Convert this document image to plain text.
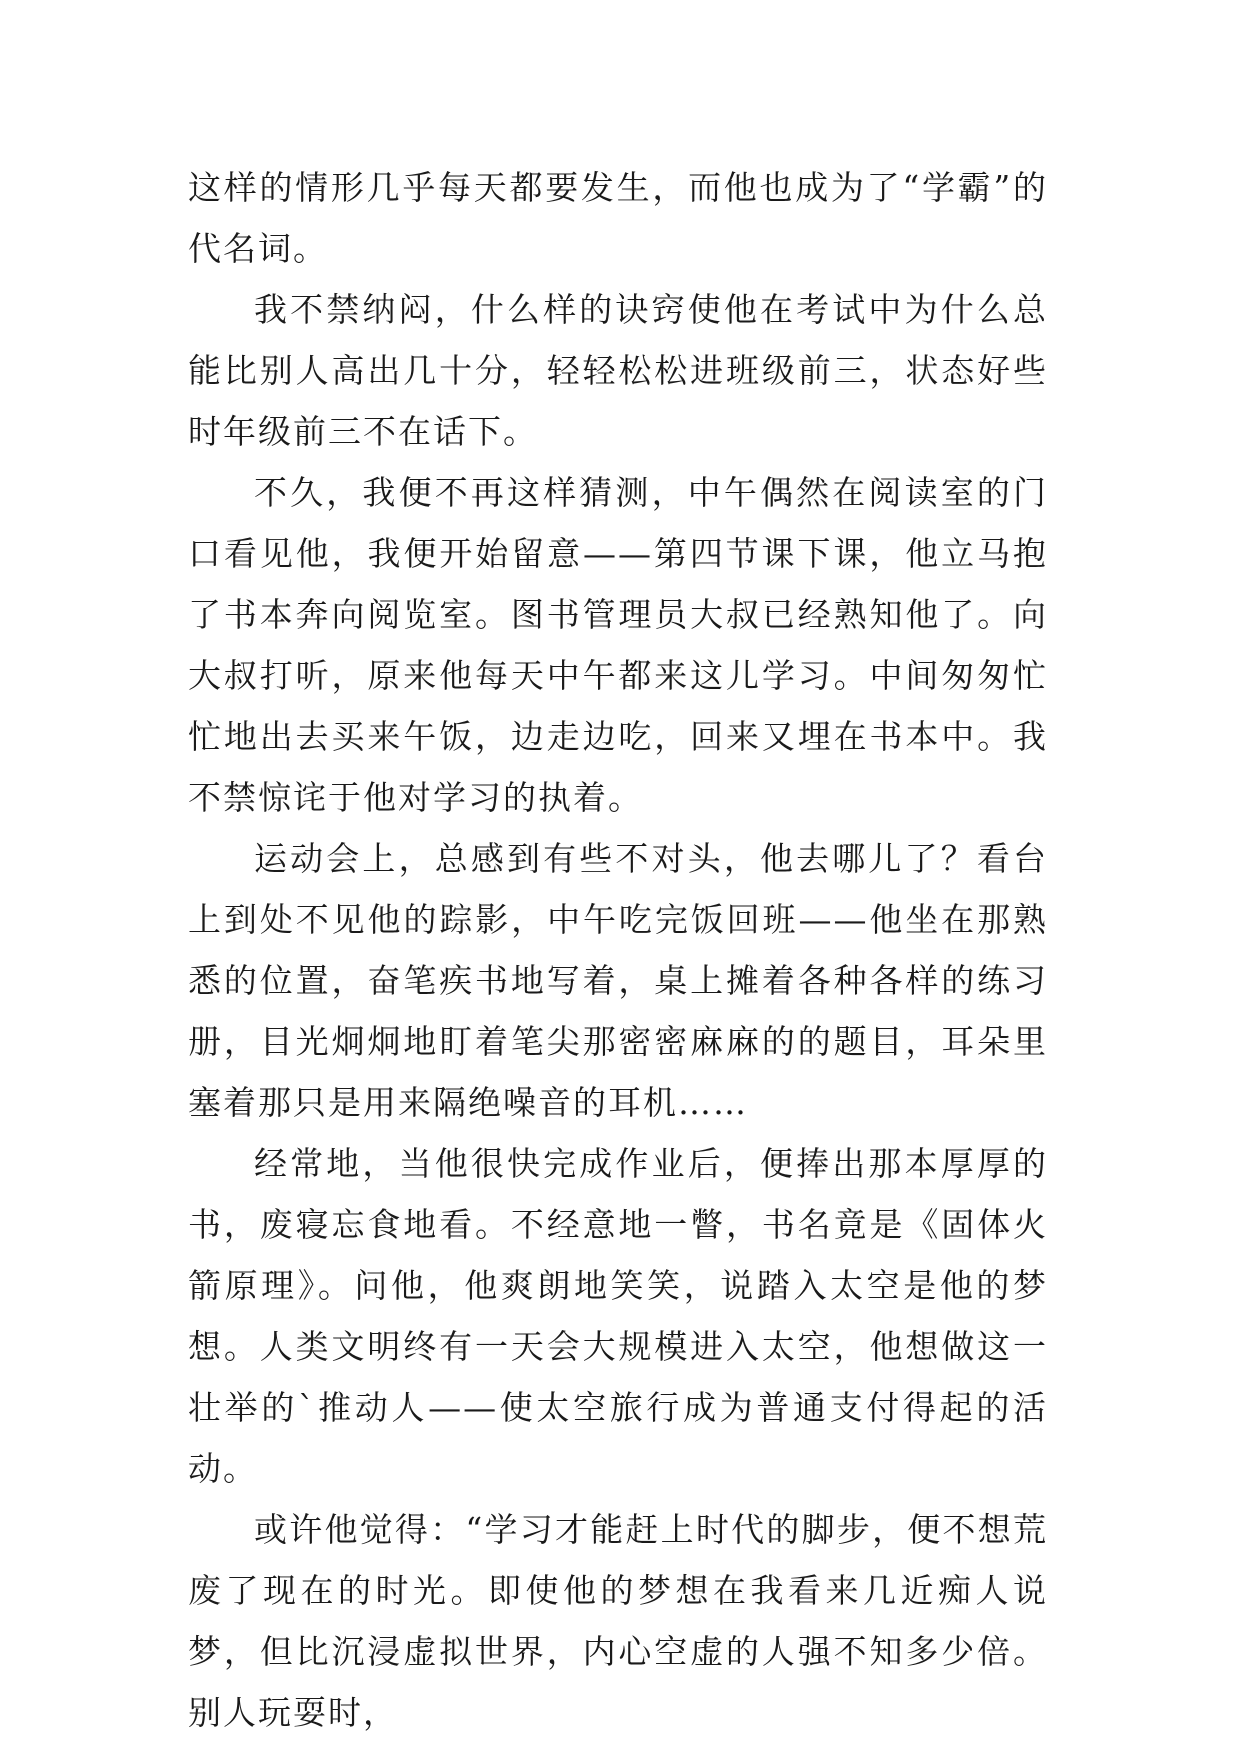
这样的情形几乎每天都要发生，而他也成为了“学霸”的代名词。

我不禁纳闷，什么样的诀窍使他在考试中为什么总能比别人高出几十分，轻轻松松进班级前三，状态好些时年级前三不在话下。

不久，我便不再这样猜测，中午偶然在阅读室的门口看见他，我便开始留意——第四节课下课，他立马抱了书本奔向阅览室。图书管理员大叔已经熟知他了。向大叔打听，原来他每天中午都来这儿学习。中间匆匆忙忙地出去买来午饭，边走边吃，回来又埋在书本中。我不禁惊诧于他对学习的执着。

运动会上，总感到有些不对头，他去哪儿了？看台上到处不见他的踪影，中午吃完饭回班——他坐在那熟悉的位置，奋笔疾书地写着，桌上摊着各种各样的练习册，目光炯炯地盯着笔尖那密密麻麻的的题目，耳朵里塞着那只是用来隔绝噪音的耳机……

经常地，当他很快完成作业后，便捧出那本厚厚的书，废寝忘食地看。不经意地一瞥，书名竟是《固体火箭原理》。问他，他爽朗地笑笑，说踏入太空是他的梦想。人类文明终有一天会大规模进入太空，他想做这一壮举的`推动人——使太空旅行成为普通支付得起的活动。

或许他觉得：“学习才能赶上时代的脚步，便不想荒废了现在的时光。即使他的梦想在我看来几近痴人说梦，但比沉浸虚拟世界，内心空虚的人强不知多少倍。别人玩耍时，
